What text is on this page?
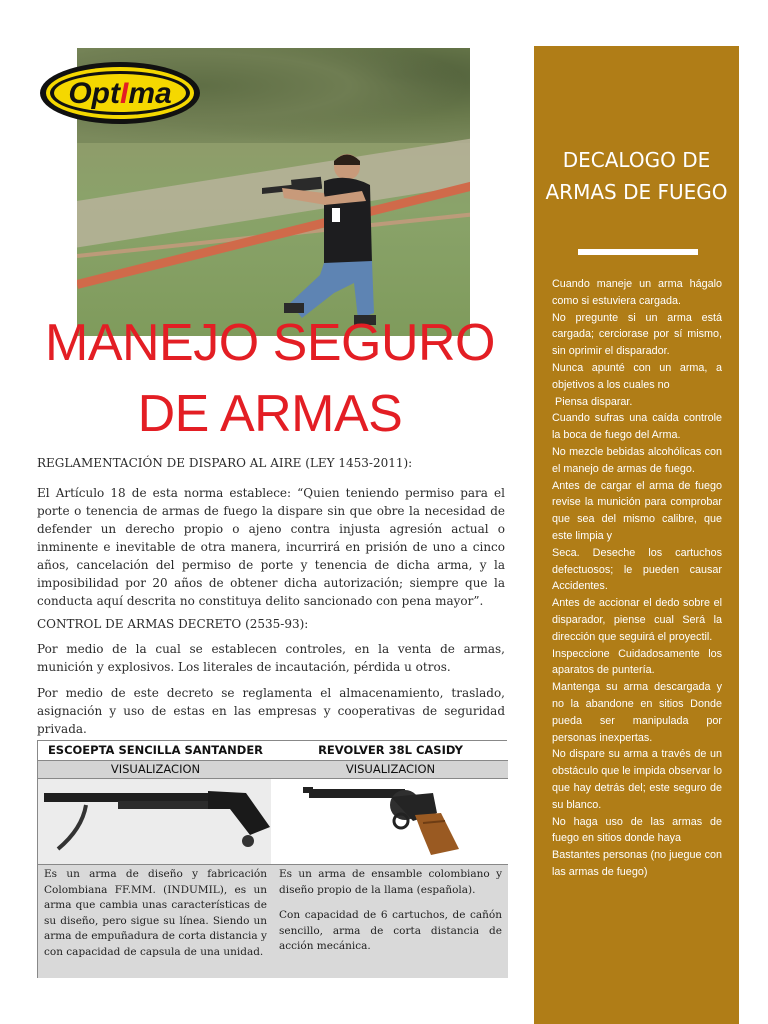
OptIma
MANEJO SEGURO
DE ARMAS
REGLAMENTACIÓN DE DISPARO AL AIRE (LEY 1453-2011):
El Artículo 18 de esta norma establece: “Quien teniendo permiso para el porte o tenencia de armas de fuego la dispare sin que obre la necesidad de defender un derecho propio o ajeno contra injusta agresión actual o inminente e inevitable de otra manera, incurrirá en prisión de uno a cinco años, cancelación del permiso de porte y tenencia de dicha arma, y la imposibilidad por 20 años de obtener dicha autorización; siempre que la conducta aquí descrita no constituya delito sancionado con pena mayor”.
CONTROL DE ARMAS DECRETO (2535-93):
Por medio de la cual se establecen controles, en la venta de armas, munición y explosivos. Los literales de incautación, pérdida u otros.
Por medio de este decreto se reglamenta el almacenamiento, traslado, asignación y uso de estas en las empresas y cooperativas de seguridad privada.
ESCOEPTA SENCILLA SANTANDER
VISUALIZACION

Es un arma de diseño y fabricación Colombiana FF.MM. (INDUMIL), es un arma que cambia unas características de su diseño, pero sigue su línea. Siendo un arma de empuñadura de corta distancia y con capacidad de capsula de una unidad.

REVOLVER 38L CASIDY
VISUALIZACION

Es un arma de ensamble colombiano y diseño propio de la llama (española).

Con capacidad de 6 cartuchos, de cañón sencillo, arma de corta distancia de acción mecánica.

DECALOGO DE ARMAS DE FUEGO
Cuando maneje un arma hágalo como si estuviera cargada.
No pregunte si un arma está cargada; cerciorase por sí mismo, sin oprimir el disparador.
Nunca apunté con un arma, a objetivos a los cuales no
Piensa disparar.
Cuando sufras una caída controle la boca de fuego del Arma.
No mezcle bebidas alcohólicas con el manejo de armas de fuego.
Antes de cargar el arma de fuego revise la munición para comprobar que sea del mismo calibre, que este limpia y
Seca. Deseche los cartuchos defectuosos; le pueden causar Accidentes.
Antes de accionar el dedo sobre el disparador, piense cual Será la dirección que seguirá el proyectil.
Inspeccione Cuidadosamente los aparatos de puntería.
Mantenga su arma descargada y no la abandone en sitios Donde pueda ser manipulada por personas inexpertas.
No dispare su arma a través de un obstáculo que le impida observar lo que hay detrás del; este seguro de su blanco.
No haga uso de las armas de fuego en sitios donde haya
Bastantes personas (no juegue con las armas de fuego)
